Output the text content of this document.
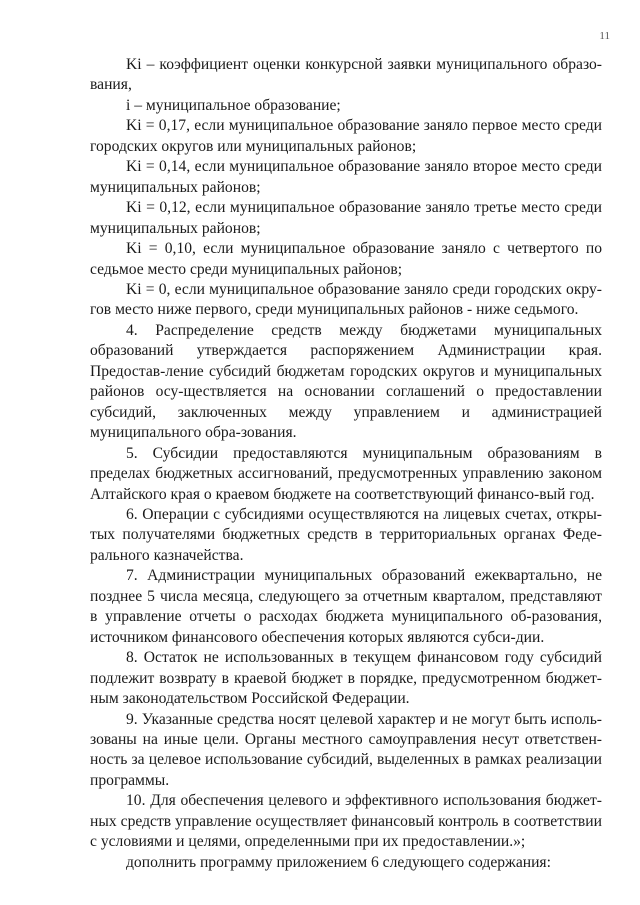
11

Ki – коэффициент оценки конкурсной заявки муниципального образо-вания,

i – муниципальное образование;

Ki = 0,17, если муниципальное образование заняло первое место среди городских округов или муниципальных районов;

Ki = 0,14, если муниципальное образование заняло второе место среди муниципальных районов;

Ki = 0,12, если муниципальное образование заняло третье место среди муниципальных районов;

Ki = 0,10, если муниципальное образование заняло с четвертого по седьмое место среди муниципальных районов;

Ki = 0, если муниципальное образование заняло среди городских окру-гов место ниже первого, среди муниципальных районов - ниже седьмого.

4. Распределение средств между бюджетами муниципальных образований утверждается распоряжением Администрации края. Предостав-ление субсидий бюджетам городских округов и муниципальных районов осу-ществляется на основании соглашений о предоставлении субсидий, заключенных между управлением и администрацией муниципального обра-зования.

5. Субсидии предоставляются муниципальным образованиям в пределах бюджетных ассигнований, предусмотренных управлению законом Алтайского края о краевом бюджете на соответствующий финансо-вый год.

6. Операции с субсидиями осуществляются на лицевых счетах, откры-тых получателями бюджетных средств в территориальных органах Феде-рального казначейства.

7. Администрации муниципальных образований ежеквартально, не позднее 5 числа месяца, следующего за отчетным кварталом, представляют в управление отчеты о расходах бюджета муниципального об-разования, источником финансового обеспечения которых являются субси-дии.

8. Остаток не использованных в текущем финансовом году субсидий подлежит возврату в краевой бюджет в порядке, предусмотренном бюджет-ным законодательством Российской Федерации.

9. Указанные средства носят целевой характер и не могут быть исполь-зованы на иные цели. Органы местного самоуправления несут ответствен-ность за целевое использование субсидий, выделенных в рамках реализации программы.

10. Для обеспечения целевого и эффективного использования бюджет-ных средств управление осуществляет финансовый контроль в соответствии с условиями и целями, определенными при их предоставлении.»;

дополнить программу приложением 6 следующего содержания:
